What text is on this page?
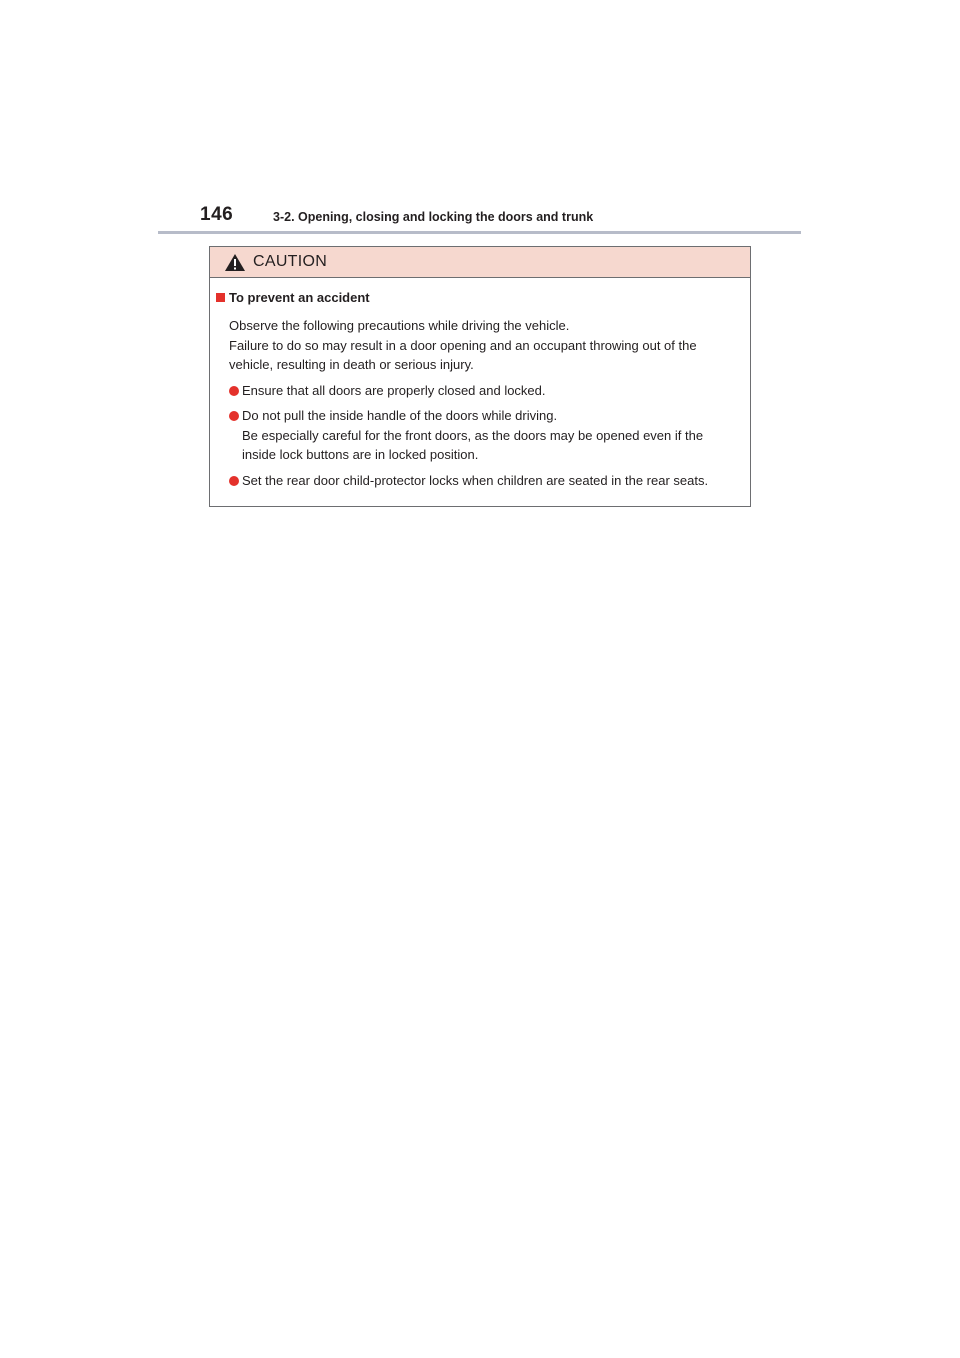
146	3-2. Opening, closing and locking the doors and trunk
CAUTION
To prevent an accident
Observe the following precautions while driving the vehicle.
Failure to do so may result in a door opening and an occupant throwing out of the
vehicle, resulting in death or serious injury.
Ensure that all doors are properly closed and locked.
Do not pull the inside handle of the doors while driving.
Be especially careful for the front doors, as the doors may be opened even if the
inside lock buttons are in locked position.
Set the rear door child-protector locks when children are seated in the rear seats.
